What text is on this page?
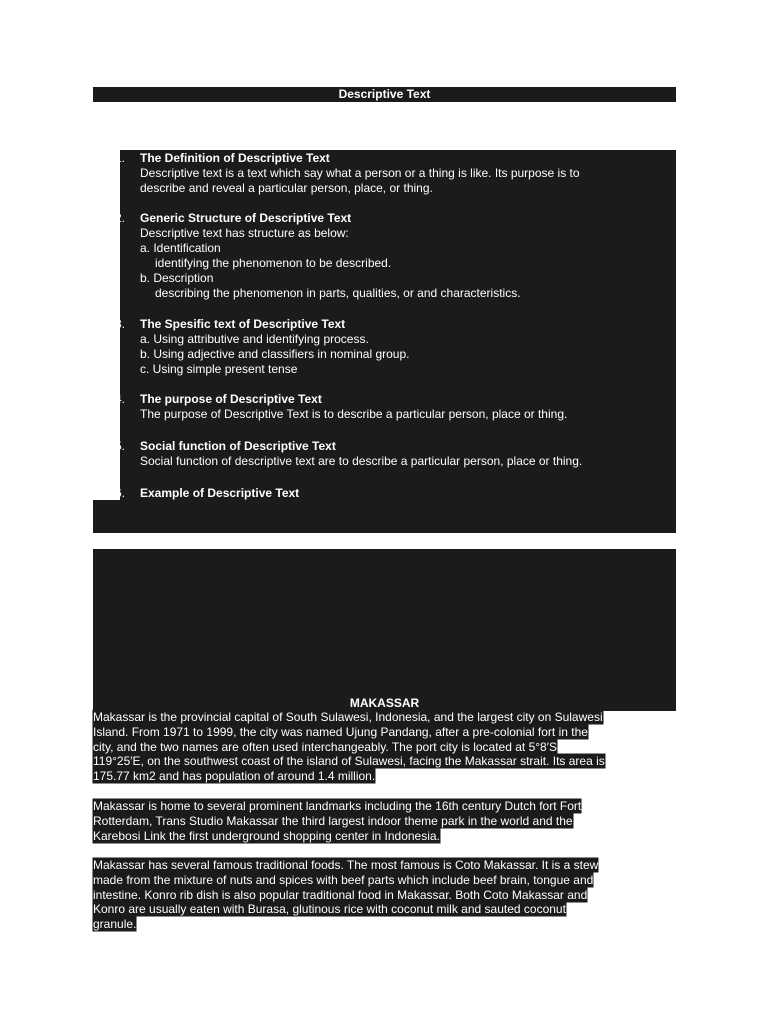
Descriptive Text
1.	The Definition of Descriptive Text
Descriptive text is a text which say what a person or a thing is like. Its purpose is to
describe and reveal a particular person, place, or thing.
2.	Generic Structure of Descriptive Text
Descriptive text has structure as below:
a. Identification
identifying the phenomenon to be described.
b. Description
describing the phenomenon in parts, qualities, or and characteristics.
3.	The Spesific text of Descriptive Text
a. Using attributive and identifying process.
b. Using adjective and classifiers in nominal group.
c. Using simple present tense
4.	The purpose of Descriptive Text
The purpose of Descriptive Text is to describe a particular person, place or thing.
5.	Social function of Descriptive Text
Social function of descriptive text are to describe a particular person, place or thing.
6.	Example of Descriptive Text
MAKASSAR
Makassar is the provincial capital of South Sulawesi, Indonesia, and the largest city on Sulawesi
Island. From 1971 to 1999, the city was named Ujung Pandang, after a pre-colonial fort in the
city, and the two names are often used interchangeably. The port city is located at 5°8′S
119°25′E, on the southwest coast of the island of Sulawesi, facing the Makassar strait. Its area is
175.77 km2 and has population of around 1.4 million.
Makassar is home to several prominent landmarks including the 16th century Dutch fort Fort
Rotterdam, Trans Studio Makassar the third largest indoor theme park in the world and the
Karebosi Link the first underground shopping center in Indonesia.
Makassar has several famous traditional foods. The most famous is Coto Makassar. It is a stew
made from the mixture of nuts and spices with beef parts which include beef brain, tongue and
intestine. Konro rib dish is also popular traditional food in Makassar. Both Coto Makassar and
Konro are usually eaten with Burasa, glutinous rice with coconut milk and sauted coconut
granule.
